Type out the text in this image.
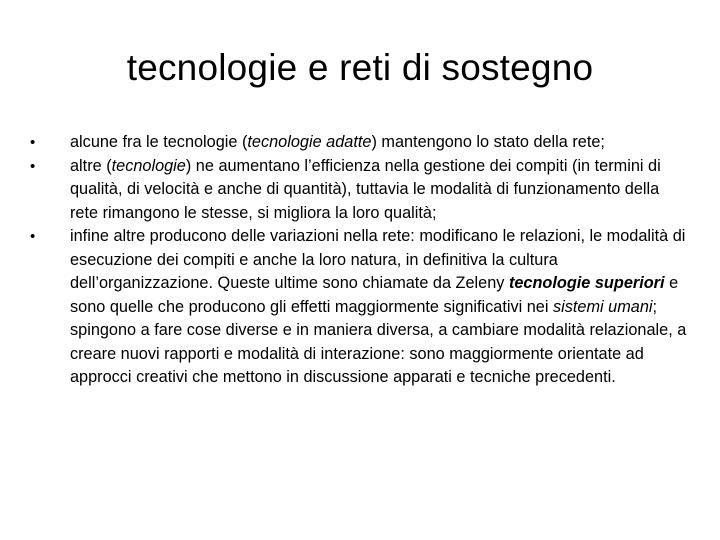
tecnologie e reti di sostegno
•	alcune fra le tecnologie (tecnologie adatte) mantengono lo stato della rete;
•	altre (tecnologie) ne aumentano l’efficienza nella gestione dei compiti (in termini di qualità, di velocità e anche di quantità), tuttavia le modalità di funzionamento della rete rimangono le stesse, si migliora la loro qualità;
•	infine altre producono delle variazioni nella rete: modificano le relazioni, le modalità di esecuzione dei compiti e anche la loro natura, in definitiva la cultura dell’organizzazione. Queste ultime sono chiamate da Zeleny tecnologie superiori e sono quelle che producono gli effetti maggiormente significativi nei sistemi umani; spingono a fare cose diverse e in maniera diversa, a cambiare modalità relazionale, a creare nuovi rapporti e modalità di interazione: sono maggiormente orientate ad approcci creativi che mettono in discussione apparati e tecniche precedenti.
